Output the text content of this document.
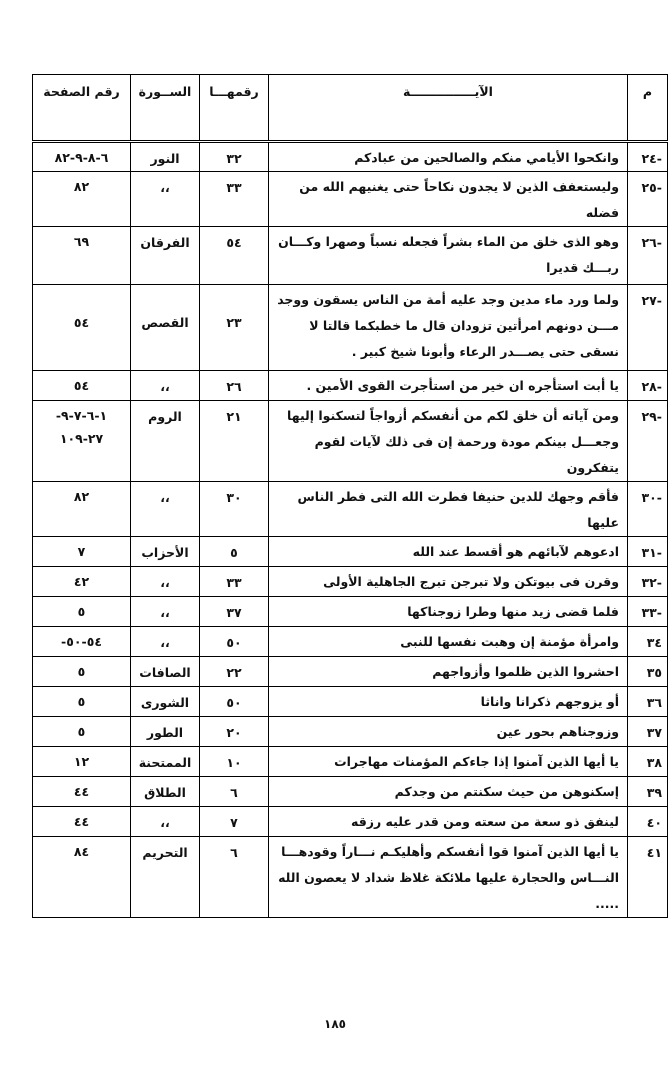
م	الآيـــــــــــــــة	رقمهـــا	الســورة	رقم الصفحة
-٢٤	وانكحوا الأيامي منكم والصالحين من عبادكم	٣٢	النور	٦-٨-٩-٨٢
-٢٥	وليستعفف الذين لا يجدون نكاحاً حتى يغنيهم الله من فضله	٣٣	،،	٨٢
-٢٦	وهو الذى خلق من الماء بشراً فجعله نسباً وصهرا وكـــان ربـــك قديرا	٥٤	الفرقان	٦٩
-٢٧	ولما ورد ماء مدين وجد عليه أمة من الناس يسقون ووجد مـــن دونهم امرأتين تزودان قال ما خطبكما قالتا لا نسقى حتى يصـــدر الرعاء وأبونا شيخ كبير .	٢٣	القصص	٥٤
-٢٨	يا أبت استأجره ان خير من استأجرت القوى الأمين .	٢٦	،،	٥٤
-٢٩	ومن آياته أن خلق لكم من أنفسكم أزواجاً لتسكنوا إليها وجعـــل بينكم مودة ورحمة إن فى ذلك لآيات لقوم يتفكرون	٢١	الروم	١-٦-٧-٩- ٢٧-١٠٩
-٣٠	فأقم وجهك للدين حنيفا فطرت الله التى فطر الناس عليها	٣٠	،،	٨٢
-٣١	ادعوهم لآبائهم هو أقسط عند الله	٥	الأحزاب	٧
-٣٢	وقرن فى بيوتكن ولا تبرجن تبرج الجاهلية الأولى	٣٣	،،	٤٢
-٣٣	فلما قضى زيد منها وطرا زوجناكها	٣٧	،،	٥
٣٤	وامرأة مؤمنة إن وهبت نفسها للنبى	٥٠	،،	٥٤-٥٠-
٣٥	احشروا الذين ظلموا وأزواجهم	٢٢	الصافات	٥
٣٦	أو يزوجهم ذكرانا واناثا	٥٠	الشورى	٥
٣٧	وزوجناهم بحور عين	٢٠	الطور	٥
٣٨	يا أيها الذين آمنوا إذا جاءكم المؤمنات مهاجرات	١٠	الممتحنة	١٢
٣٩	إسكنوهن من حيث سكنتم من وجدكم	٦	الطلاق	٤٤
٤٠	لينفق ذو سعة من سعته ومن قدر عليه رزقه	٧	،،	٤٤
٤١	يا أيها الذين آمنوا قوا أنفسكم وأهليكـم نـــاراً وقودهـــا النـــاس والحجارة عليها ملائكة غلاظ شداد لا يعصون الله .....	٦	التحريم	٨٤
١٨٥
